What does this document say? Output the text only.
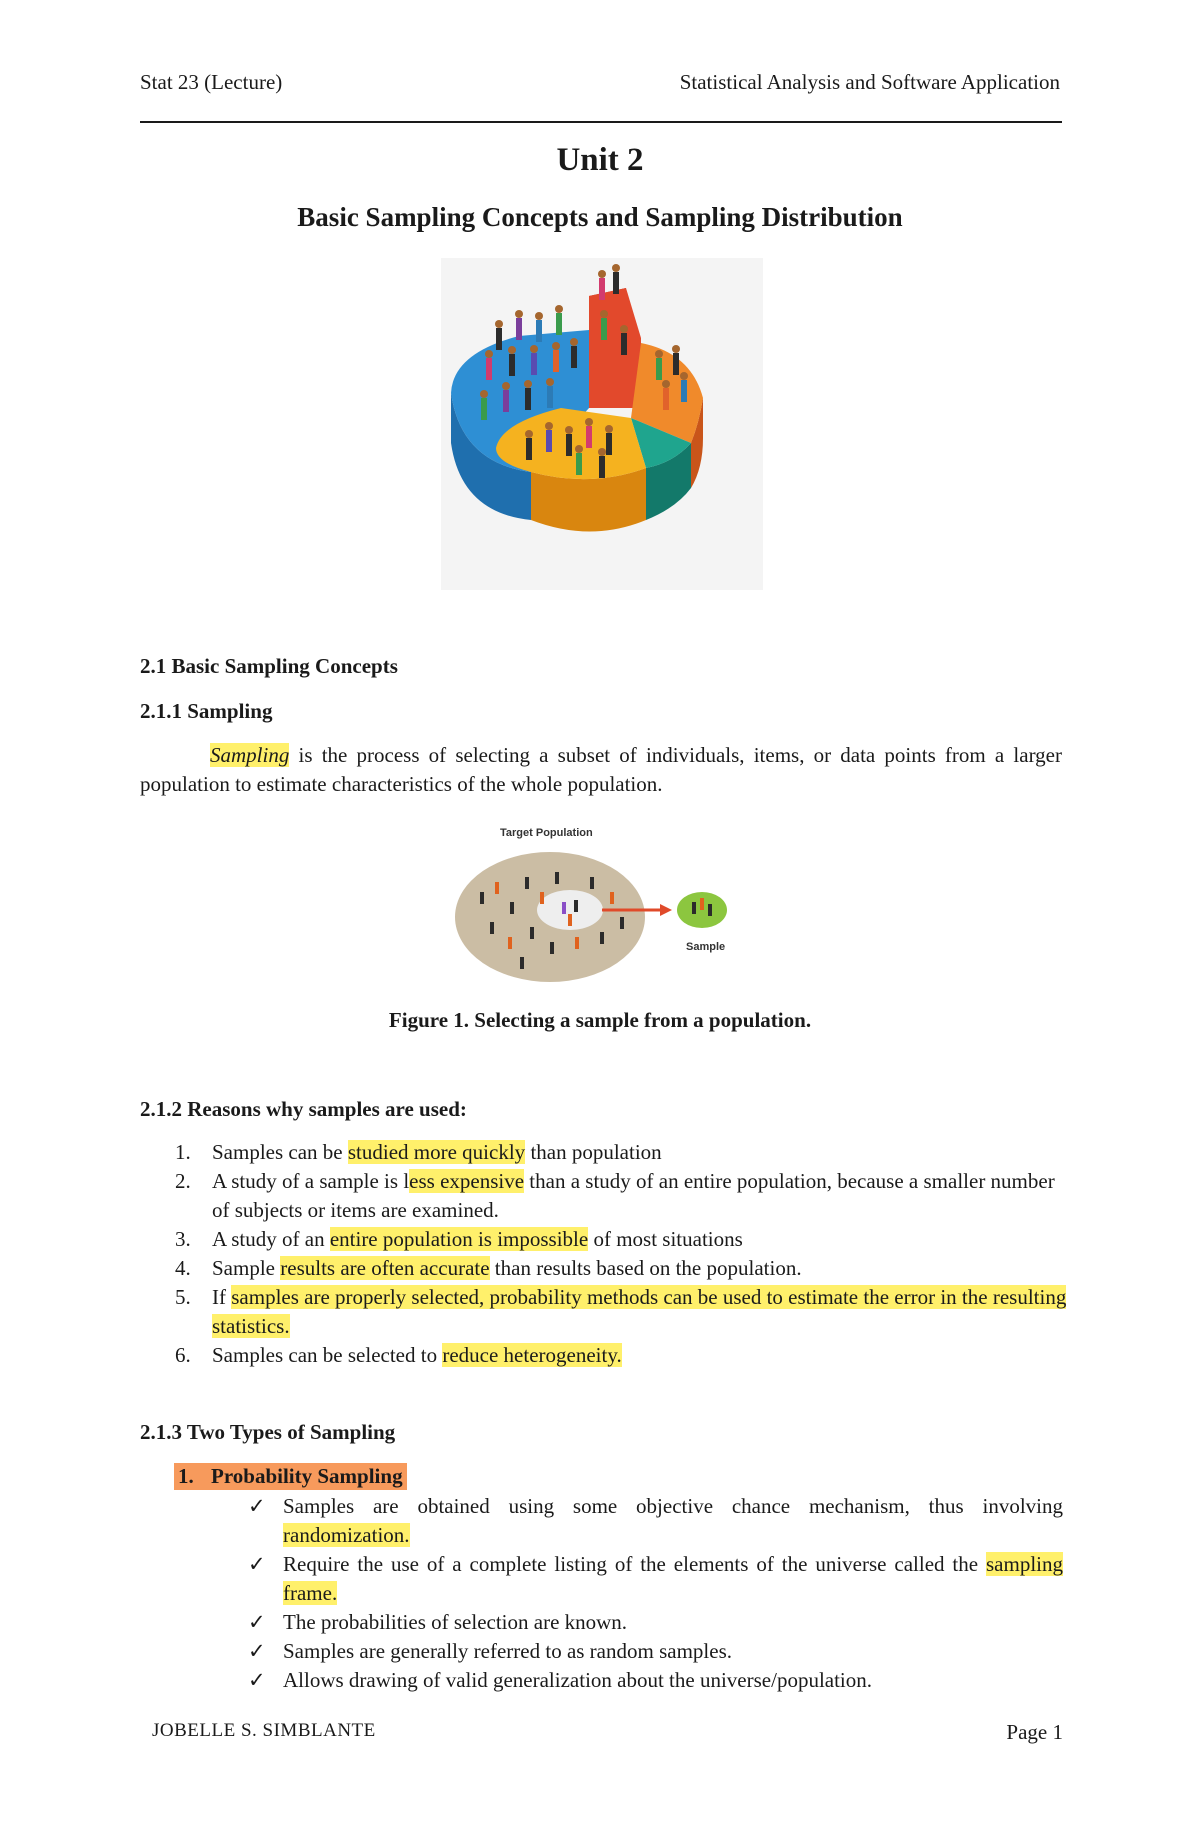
Stat 23 (Lecture)	Statistical Analysis and Software Application
Unit 2
Basic Sampling Concepts and Sampling Distribution
2.1 Basic Sampling Concepts
2.1.1 Sampling
Sampling is the process of selecting a subset of individuals, items, or data points from a larger population to estimate characteristics of the whole population.
Target Population
Sample
Figure 1. Selecting a sample from a population.
2.1.2 Reasons why samples are used:
1. Samples can be studied more quickly than population
2. A study of a sample is less expensive than a study of an entire population, because a smaller number of subjects or items are examined.
3. A study of an entire population is impossible of most situations
4. Sample results are often accurate than results based on the population.
5. If samples are properly selected, probability methods can be used to estimate the error in the resulting statistics.
6. Samples can be selected to reduce heterogeneity.
2.1.3 Two Types of Sampling
1. Probability Sampling
✓ Samples are obtained using some objective chance mechanism, thus involving randomization.
✓ Require the use of a complete listing of the elements of the universe called the sampling frame.
✓ The probabilities of selection are known.
✓ Samples are generally referred to as random samples.
✓ Allows drawing of valid generalization about the universe/population.
JOBELLE S. SIMBLANTE	Page 1
